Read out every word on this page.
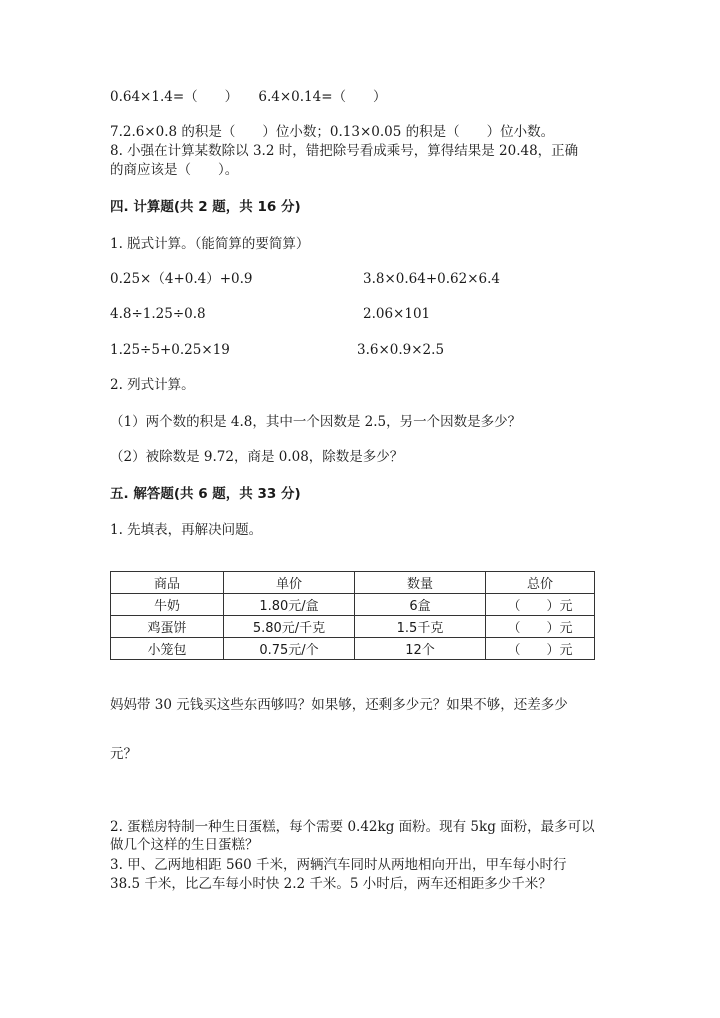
0.64×1.4=（　　）　　6.4×0.14=（　　）
7.2.6×0.8 的积是（　　）位小数；0.13×0.05 的积是（　　）位小数。
8. 小强在计算某数除以 3.2 时，错把除号看成乘号，算得结果是 20.48，正确
的商应该是（　　）。
四. 计算题(共 2 题，共 16 分)
1. 脱式计算。（能简算的要简算）
0.25×（4+0.4）+0.9	3.8×0.64+0.62×6.4
4.8÷1.25÷0.8	2.06×101
1.25÷5+0.25×19	3.6×0.9×2.5
2. 列式计算。
（1）两个数的积是 4.8，其中一个因数是 2.5，另一个因数是多少？
（2）被除数是 9.72，商是 0.08，除数是多少？
五. 解答题(共 6 题，共 33 分)
1. 先填表，再解决问题。
商品	单价	数量	总价
牛奶	1.80元/盒	6盒	（　　）元
鸡蛋饼	5.80元/千克	1.5千克	（　　）元
小笼包	0.75元/个	12个	（　　）元
妈妈带 30 元钱买这些东西够吗？如果够，还剩多少元？如果不够，还差多少
元？
2. 蛋糕房特制一种生日蛋糕，每个需要 0.42kg 面粉。现有 5kg 面粉，最多可以
做几个这样的生日蛋糕？
3. 甲、乙两地相距 560 千米，两辆汽车同时从两地相向开出，甲车每小时行
38.5 千米，比乙车每小时快 2.2 千米。5 小时后，两车还相距多少千米？
